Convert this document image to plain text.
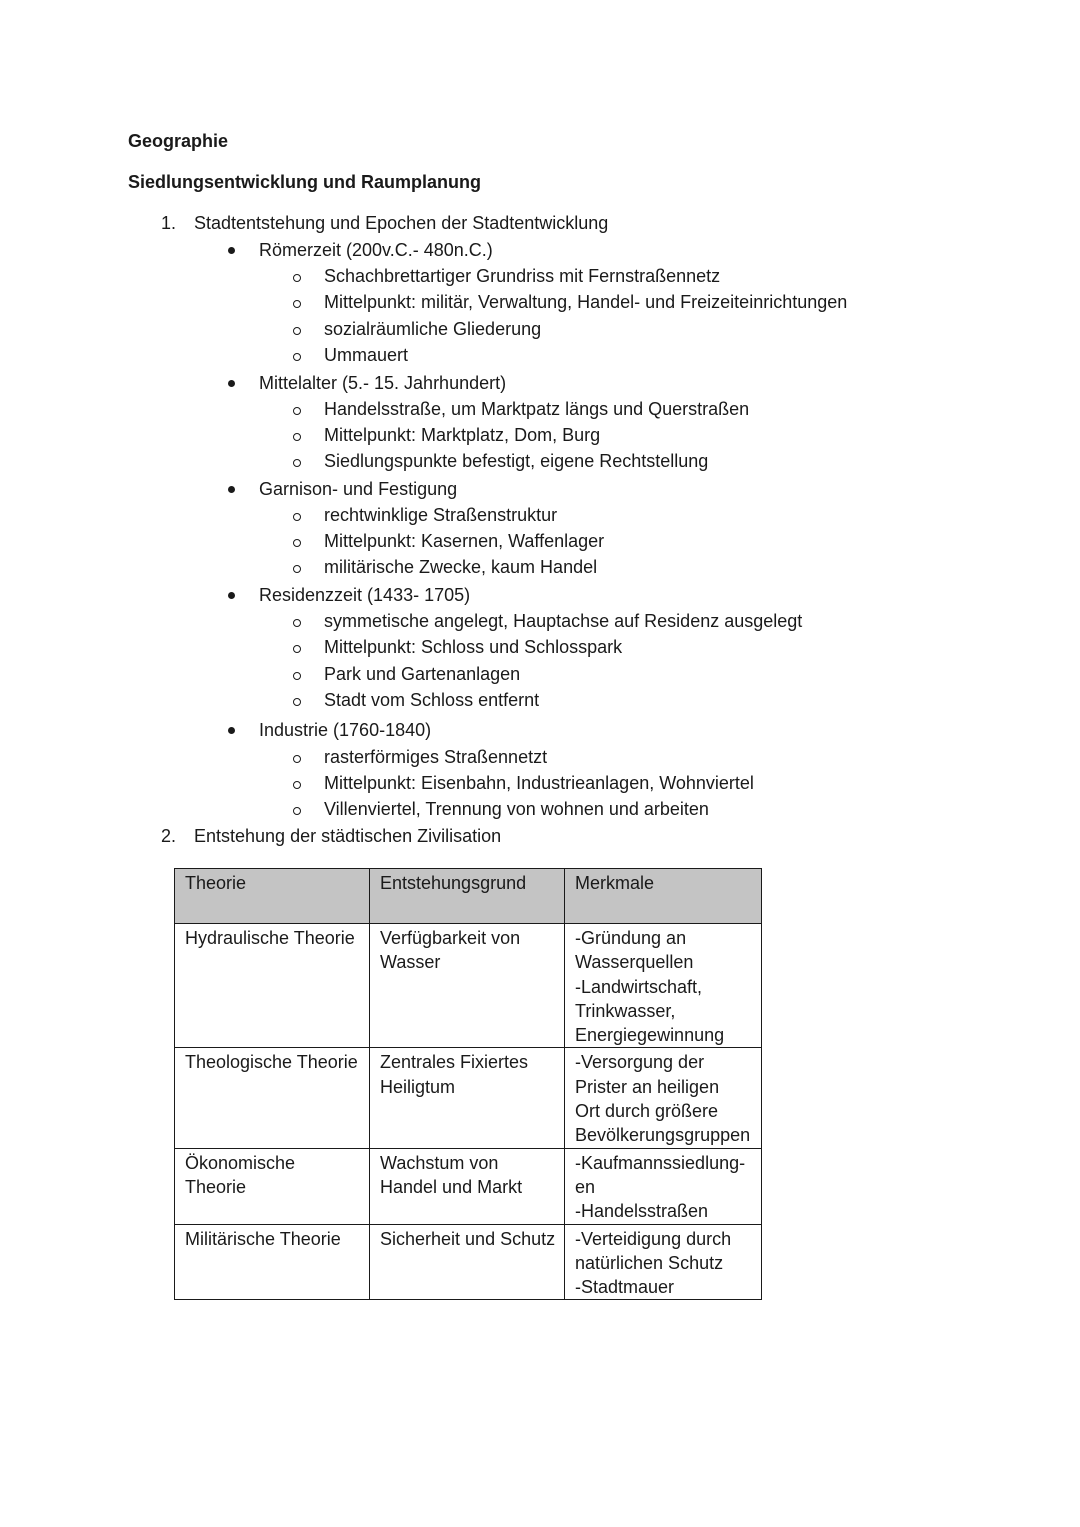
Geographie
Siedlungsentwicklung und Raumplanung
1. Stadtentstehung und Epochen der Stadtentwicklung
Römerzeit (200v.C.- 480n.C.)
Schachbrettartiger Grundriss mit Fernstraßennetz
Mittelpunkt: militär, Verwaltung, Handel- und Freizeiteinrichtungen
sozialräumliche Gliederung
Ummauert
Mittelalter (5.- 15. Jahrhundert)
Handelsstraße, um Marktpatz längs und Querstraßen
Mittelpunkt: Marktplatz, Dom, Burg
Siedlungspunkte befestigt, eigene Rechtstellung
Garnison- und Festigung
rechtwinklige Straßenstruktur
Mittelpunkt: Kasernen, Waffenlager
militärische Zwecke, kaum Handel
Residenzzeit (1433- 1705)
symmetische angelegt, Hauptachse auf Residenz ausgelegt
Mittelpunkt: Schloss und Schlosspark
Park und Gartenanlagen
Stadt vom Schloss entfernt
Industrie (1760-1840)
rasterförmiges Straßennetzt
Mittelpunkt: Eisenbahn, Industrieanlagen, Wohnviertel
Villenviertel, Trennung von wohnen und arbeiten
2. Entstehung der städtischen Zivilisation
Theorie	Entstehungsgrund	Merkmale

Hydraulische Theorie	Verfügbarkeit von
Wasser	-Gründung an
Wasserquellen
-Landwirtschaft,
Trinkwasser,
Energiegewinnung

Theologische Theorie	Zentrales Fixiertes
Heiligtum	-Versorgung der
Prister an heiligen
Ort durch größere
Bevölkerungsgruppen

Ökonomische
Theorie	Wachstum von
Handel und Markt	-Kaufmannssiedlung-
en
-Handelsstraßen

Militärische Theorie	Sicherheit und Schutz	-Verteidigung durch
natürlichen Schutz
-Stadtmauer
